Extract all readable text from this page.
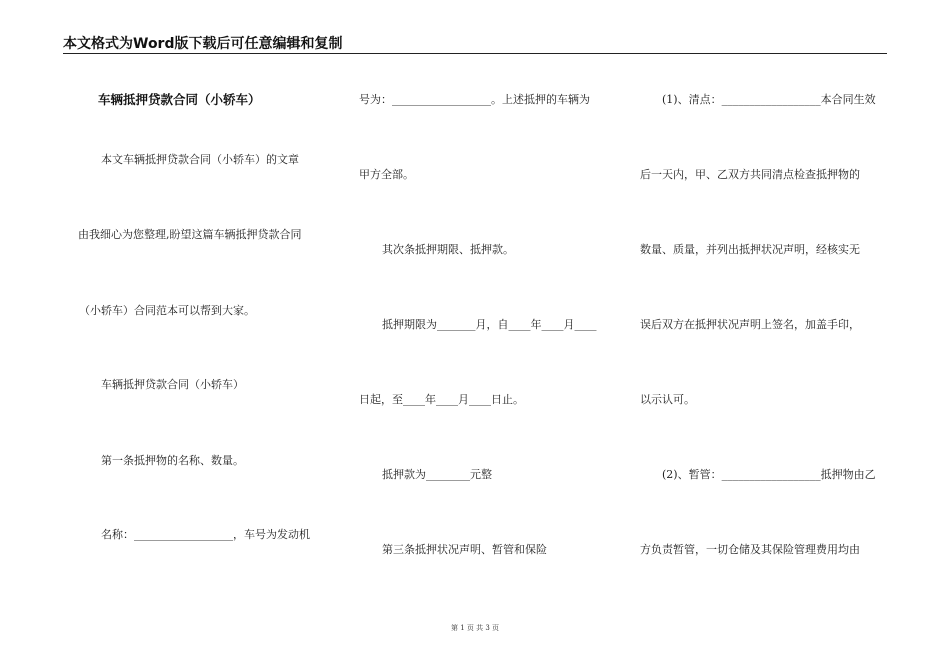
本文格式为Word版下载后可任意编辑和复制
车辆抵押贷款合同（小轿车）
本文车辆抵押贷款合同（小轿车）的文章
由我细心为您整理,盼望这篇车辆抵押贷款合同
（小轿车）合同范本可以帮到大家。
车辆抵押贷款合同（小轿车）
第一条抵押物的名称、数量。
名称：__________________，车号为发动机
号为：__________________。上述抵押的车辆为
甲方全部。
其次条抵押期限、抵押款。
抵押期限为_______月，自____年____月____
日起，至____年____月____日止。
抵押款为________元整
第三条抵押状况声明、暂管和保险
(1)、清点：__________________本合同生效
后一天内，甲、乙双方共同清点检查抵押物的
数量、质量，并列出抵押状况声明，经核实无
误后双方在抵押状况声明上签名，加盖手印，
以示认可。
(2)、暂管：__________________抵押物由乙
方负责暂管，一切仓储及其保险管理费用均由
第 1 页 共 3 页
